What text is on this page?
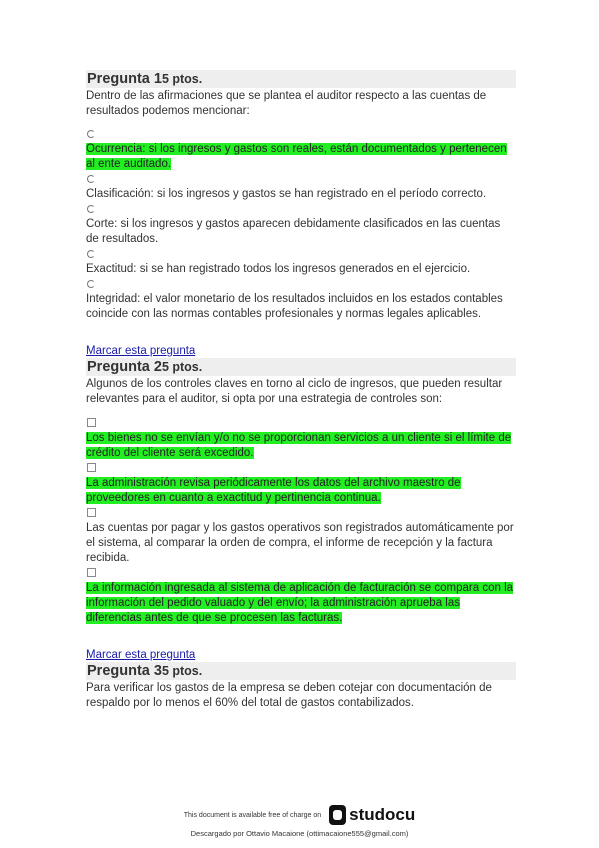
Pregunta 15 ptos.
Dentro de las afirmaciones que se plantea el auditor respecto a las cuentas de resultados podemos mencionar:
Ocurrencia: si los ingresos y gastos son reales, están documentados y pertenecen al ente auditado.
Clasificación: si los ingresos y gastos se han registrado en el período correcto.
Corte: si los ingresos y gastos aparecen debidamente clasificados en las cuentas de resultados.
Exactitud: si se han registrado todos los ingresos generados en el ejercicio.
Integridad: el valor monetario de los resultados incluidos en los estados contables coincide con las normas contables profesionales y normas legales aplicables.
Marcar esta pregunta
Pregunta 25 ptos.
Algunos de los controles claves en torno al ciclo de ingresos, que pueden resultar relevantes para el auditor, si opta por una estrategia de controles son:
Los bienes no se envían y/o no se proporcionan servicios a un cliente si el límite de crédito del cliente será excedido.
La administración revisa periódicamente los datos del archivo maestro de proveedores en cuanto a exactitud y pertinencia continua.
Las cuentas por pagar y los gastos operativos son registrados automáticamente por el sistema, al comparar la orden de compra, el informe de recepción y la factura recibida.
La información ingresada al sistema de aplicación de facturación se compara con la información del pedido valuado y del envío; la administración aprueba las diferencias antes de que se procesen las facturas.
Marcar esta pregunta
Pregunta 35 ptos.
Para verificar los gastos de la empresa se deben cotejar con documentación de respaldo por lo menos el 60% del total de gastos contabilizados.
This document is available free of charge on studocu
Descargado por Ottavio Macaione (ottimacaione555@gmail.com)
